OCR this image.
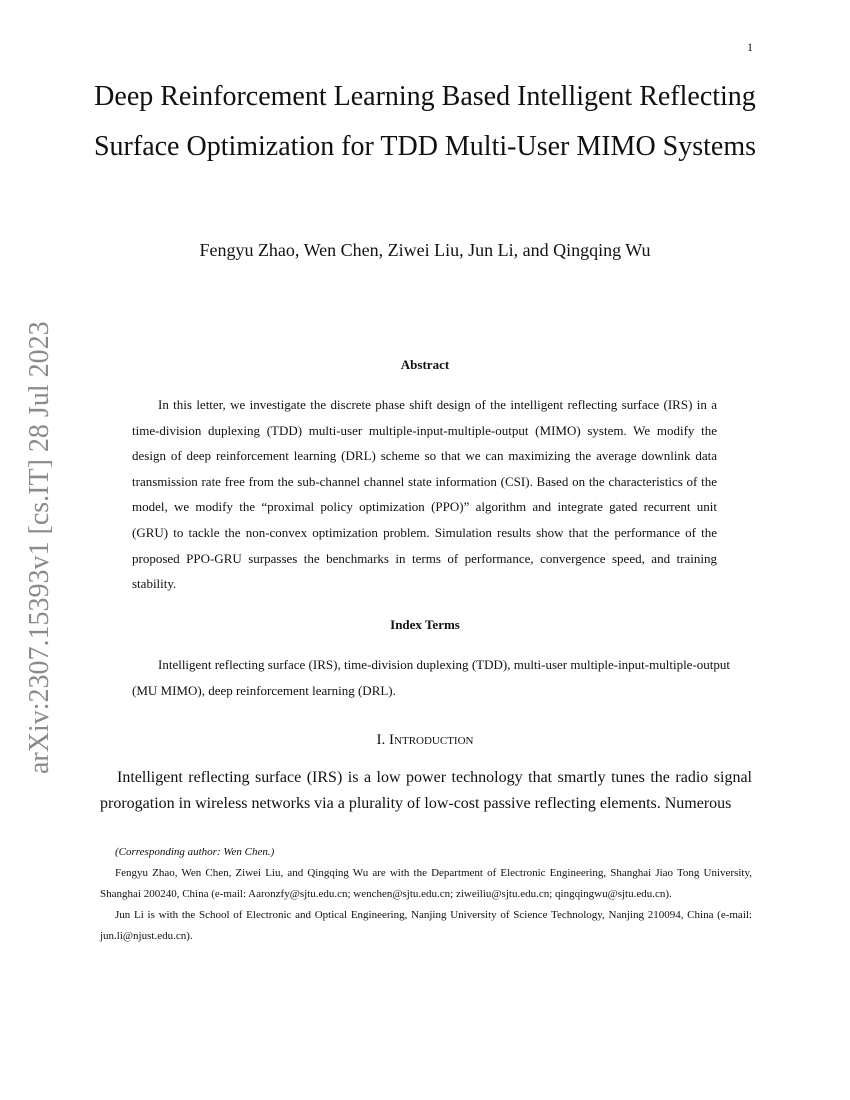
1
arXiv:2307.15393v1 [cs.IT] 28 Jul 2023
Deep Reinforcement Learning Based Intelligent Reflecting Surface Optimization for TDD Multi-User MIMO Systems

Fengyu Zhao, Wen Chen, Ziwei Liu, Jun Li, and Qingqing Wu

Abstract

In this letter, we investigate the discrete phase shift design of the intelligent reflecting surface (IRS) in a time-division duplexing (TDD) multi-user multiple-input-multiple-output (MIMO) system. We modify the design of deep reinforcement learning (DRL) scheme so that we can maximizing the average downlink data transmission rate free from the sub-channel channel state information (CSI). Based on the characteristics of the model, we modify the “proximal policy optimization (PPO)” algorithm and integrate gated recurrent unit (GRU) to tackle the non-convex optimization problem. Simulation results show that the performance of the proposed PPO-GRU surpasses the benchmarks in terms of performance, convergence speed, and training stability.

Index Terms

Intelligent reflecting surface (IRS), time-division duplexing (TDD), multi-user multiple-input-multiple-output (MU MIMO), deep reinforcement learning (DRL).

I. Introduction

Intelligent reflecting surface (IRS) is a low power technology that smartly tunes the radio signal prorogation in wireless networks via a plurality of low-cost passive reflecting elements. Numerous

(Corresponding author: Wen Chen.)

Fengyu Zhao, Wen Chen, Ziwei Liu, and Qingqing Wu are with the Department of Electronic Engineering, Shanghai Jiao Tong University, Shanghai 200240, China (e-mail: Aaronzfy@sjtu.edu.cn; wenchen@sjtu.edu.cn; ziweiliu@sjtu.edu.cn; qingqingwu@sjtu.edu.cn).

Jun Li is with the School of Electronic and Optical Engineering, Nanjing University of Science Technology, Nanjing 210094, China (e-mail: jun.li@njust.edu.cn).
